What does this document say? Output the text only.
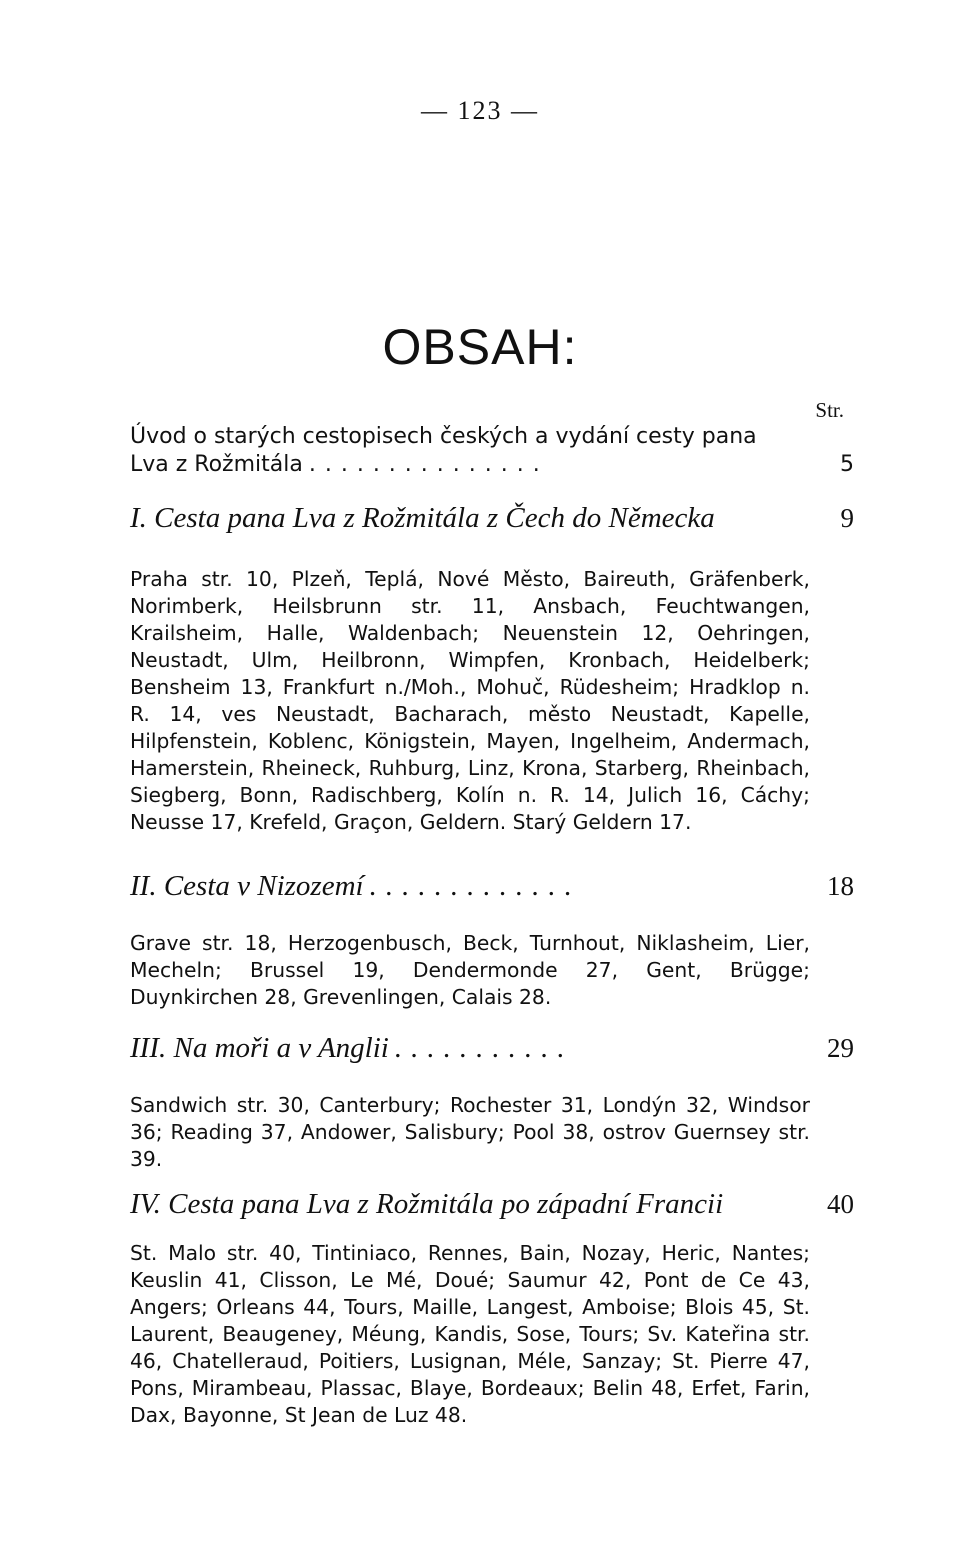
— 123 —
OBSAH:
Str.
Úvod o starých cestopisech českých a vydání cesty pana
Lva z Rožmitála ...............	5
I. Cesta pana Lva z Rožmitála z Čech do Německa	9
Praha str. 10, Plzeň, Teplá, Nové Město, Baireuth, Gräfenberk, Norimberk, Heilsbrunn str. 11, Ansbach, Feuchtwangen, Krailsheim, Halle, Waldenbach; Neuenstein 12, Oehringen, Neustadt, Ulm, Heilbronn, Wimpfen, Kronbach, Heidelberk; Bensheim 13, Frankfurt n./Moh., Mohuč, Rüdesheim; Hradklop n. R. 14, ves Neustadt, Bacharach, město Neustadt, Kapelle, Hilpfenstein, Koblenc, Königstein, Mayen, Ingelheim, Andermach, Hamerstein, Rheineck, Ruhburg, Linz, Krona, Starberg, Rheinbach, Siegberg, Bonn, Radischberg, Kolín n. R. 14, Julich 16, Cáchy; Neusse 17, Krefeld, Graçon, Geldern. Starý Geldern 17.
II. Cesta v Nizozemí .............	18
Grave str. 18, Herzogenbusch, Beck, Turnhout, Niklasheim, Lier, Mecheln; Brussel 19, Dendermonde 27, Gent, Brügge; Duynkirchen 28, Grevenlingen, Calais 28.
III. Na moři a v Anglii ...........	29
Sandwich str. 30, Canterbury; Rochester 31, Londýn 32, Windsor 36; Reading 37, Andower, Salisbury; Pool 38, ostrov Guernsey str. 39.
IV. Cesta pana Lva z Rožmitála po západní Francii	40
St. Malo str. 40, Tintiniaco, Rennes, Bain, Nozay, Heric, Nantes; Keuslin 41, Clisson, Le Mé, Doué; Saumur 42, Pont de Ce 43, Angers; Orleans 44, Tours, Maille, Langest, Amboise; Blois 45, St. Laurent, Beaugeney, Méung, Kandis, Sose, Tours; Sv. Kateřina str. 46, Chatelleraud, Poitiers, Lusignan, Méle, Sanzay; St. Pierre 47, Pons, Mirambeau, Plassac, Blaye, Bordeaux; Belin 48, Erfet, Farin, Dax, Bayonne, St Jean de Luz 48.
